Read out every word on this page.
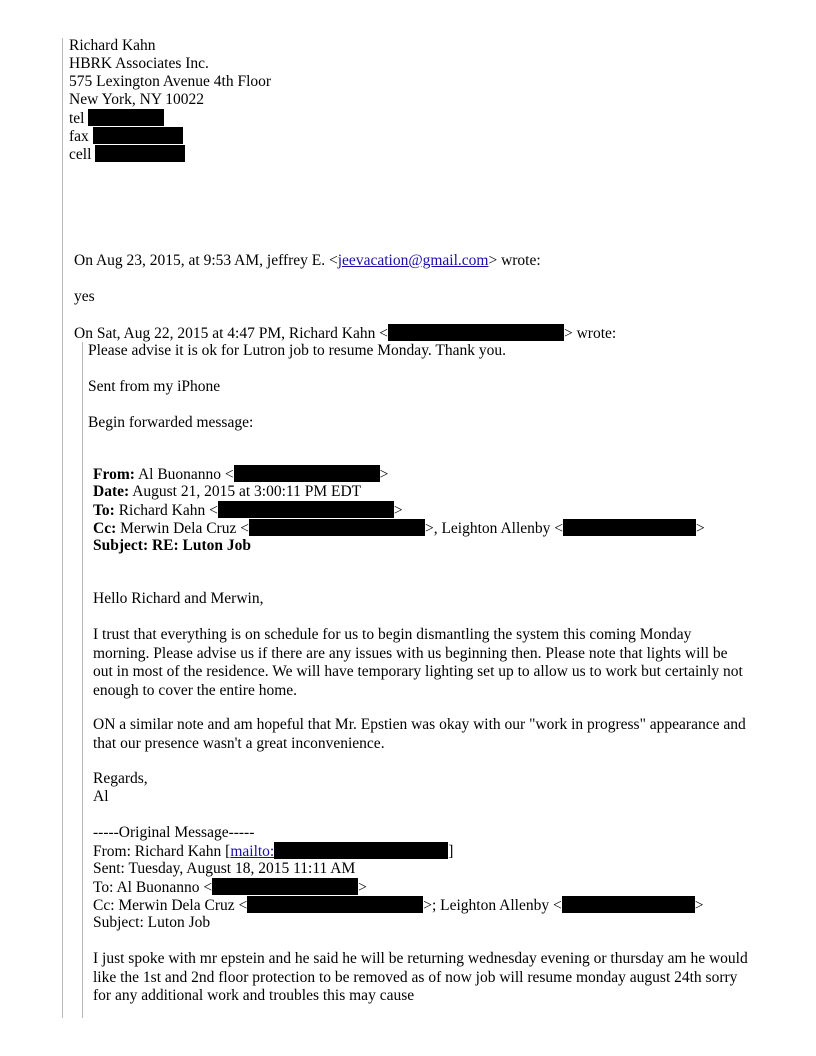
Richard Kahn
HBRK Associates Inc.
575 Lexington Avenue 4th Floor
New York, NY 10022
tel
fax
cell
On Aug 23, 2015, at 9:53 AM, jeffrey E. <jeevacation@gmail.com> wrote:
yes
On Sat, Aug 22, 2015 at 4:47 PM, Richard Kahn <	> wrote:
Please advise it is ok for Lutron job to resume Monday. Thank you.
Sent from my iPhone
Begin forwarded message:
From: Al Buonanno <	>
Date: August 21, 2015 at 3:00:11 PM EDT
To: Richard Kahn <	>
Cc: Merwin Dela Cruz <	>, Leighton Allenby <	>
Subject: RE: Luton Job
Hello Richard and Merwin,
I trust that everything is on schedule for us to begin dismantling the system this coming Monday morning. Please advise us if there are any issues with us beginning then. Please note that lights will be out in most of the residence. We will have temporary lighting set up to allow us to work but certainly not enough to cover the entire home.
ON a similar note and am hopeful that Mr. Epstien was okay with our "work in progress" appearance and that our presence wasn't a great inconvenience.
Regards,
Al
-----Original Message-----
From: Richard Kahn [mailto:	]
Sent: Tuesday, August 18, 2015 11:11 AM
To: Al Buonanno <	>
Cc: Merwin Dela Cruz <	>; Leighton Allenby <	>
Subject: Luton Job
I just spoke with mr epstein and he said he will be returning wednesday evening or thursday am he would like the 1st and 2nd floor protection to be removed as of now job will resume monday august 24th sorry for any additional work and troubles this may cause
